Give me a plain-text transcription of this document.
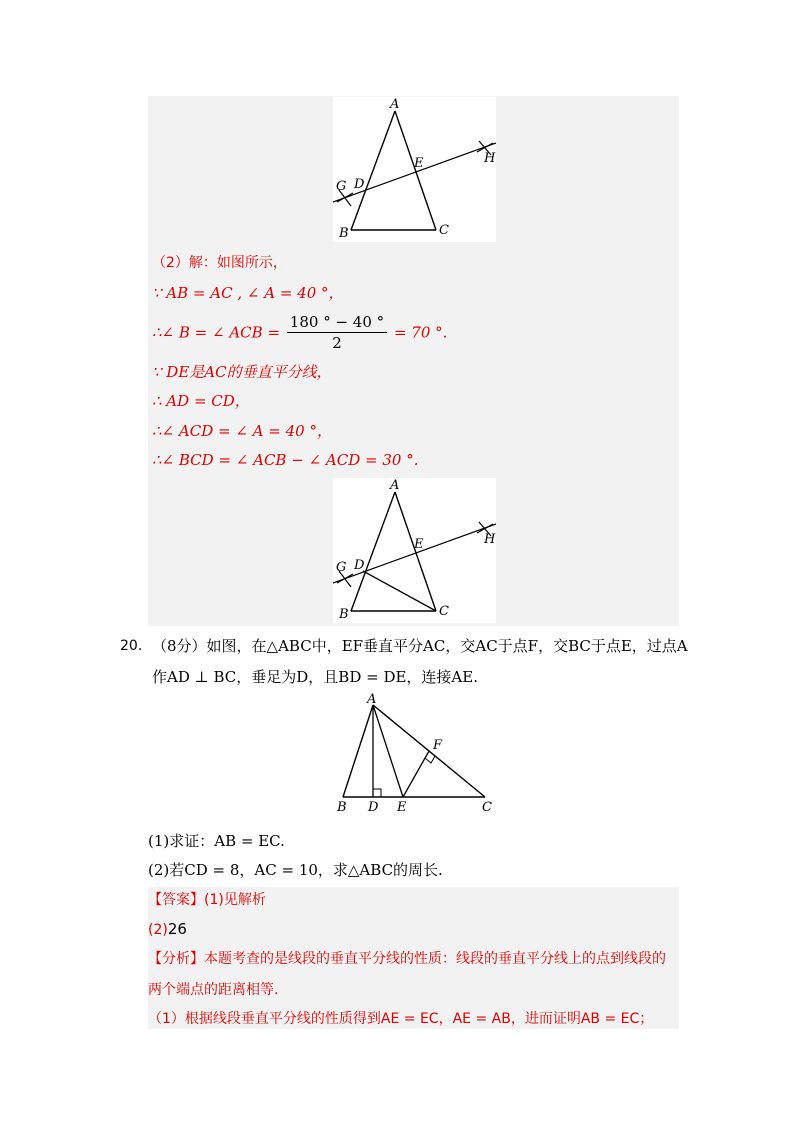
A
E	H
G D
B	C
（2）解：如图所示，
∵ AB = AC , ∠ A = 40 °，
∴∠ B = ∠ ACB = $\frac{180 ^\circ - 40 ^\circ}{2} = 70$ °.
∵ DE是AC的垂直平分线，
∴ AD = CD，
∴∠ ACD = ∠ A = 40 °，
∴∠ BCD = ∠ ACB − ∠ ACD = 30 °.
A
E	H
G D
B	C
20. （8分）如图，在△ABC中，EF垂直平分AC，交AC于点F，交BC于点E，过点A
作AD ⊥ BC，垂足为D，且BD = DE，连接AE.
A
F
B D E	C
(1)求证：AB = EC.
(2)若CD = 8，AC = 10，求△ABC的周长.
【答案】(1)见解析
(2)26
【分析】本题考查的是线段的垂直平分线的性质：线段的垂直平分线上的点到线段的
两个端点的距离相等.
（1）根据线段垂直平分线的性质得到AE = EC，AE = AB，进而证明AB = EC；
